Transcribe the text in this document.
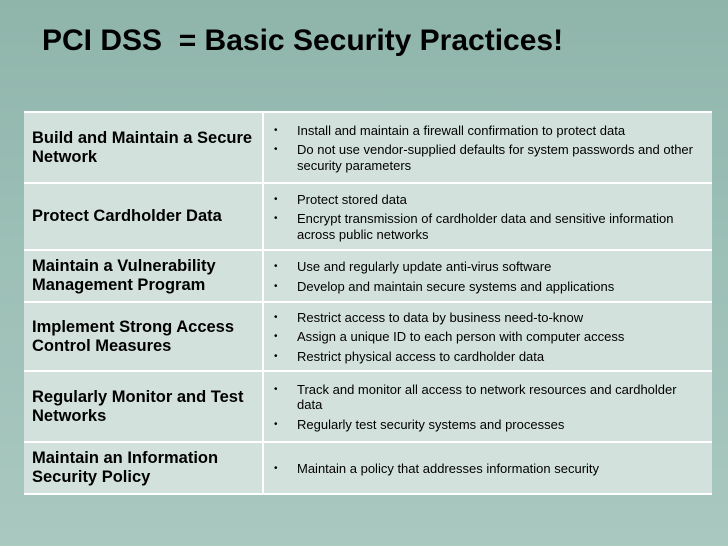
PCI DSS  = Basic Security Practices!
Build and Maintain a Secure Network
•	Install and maintain a firewall confirmation to protect data
•	Do not use vendor-supplied defaults for system passwords and other security parameters
Protect Cardholder Data
•	Protect stored data
•	Encrypt transmission of cardholder data and sensitive information across public networks
Maintain a Vulnerability Management Program
•	Use and regularly update anti-virus software
•	Develop and maintain secure systems and applications
Implement Strong Access Control Measures
•	Restrict access to data by business need-to-know
•	Assign a unique ID to each person with computer access
•	Restrict physical access to cardholder data
Regularly Monitor and Test Networks
•	Track and monitor all access to network resources and cardholder data
•	Regularly test security systems and processes
Maintain an Information Security Policy	•	Maintain a policy that addresses information security
